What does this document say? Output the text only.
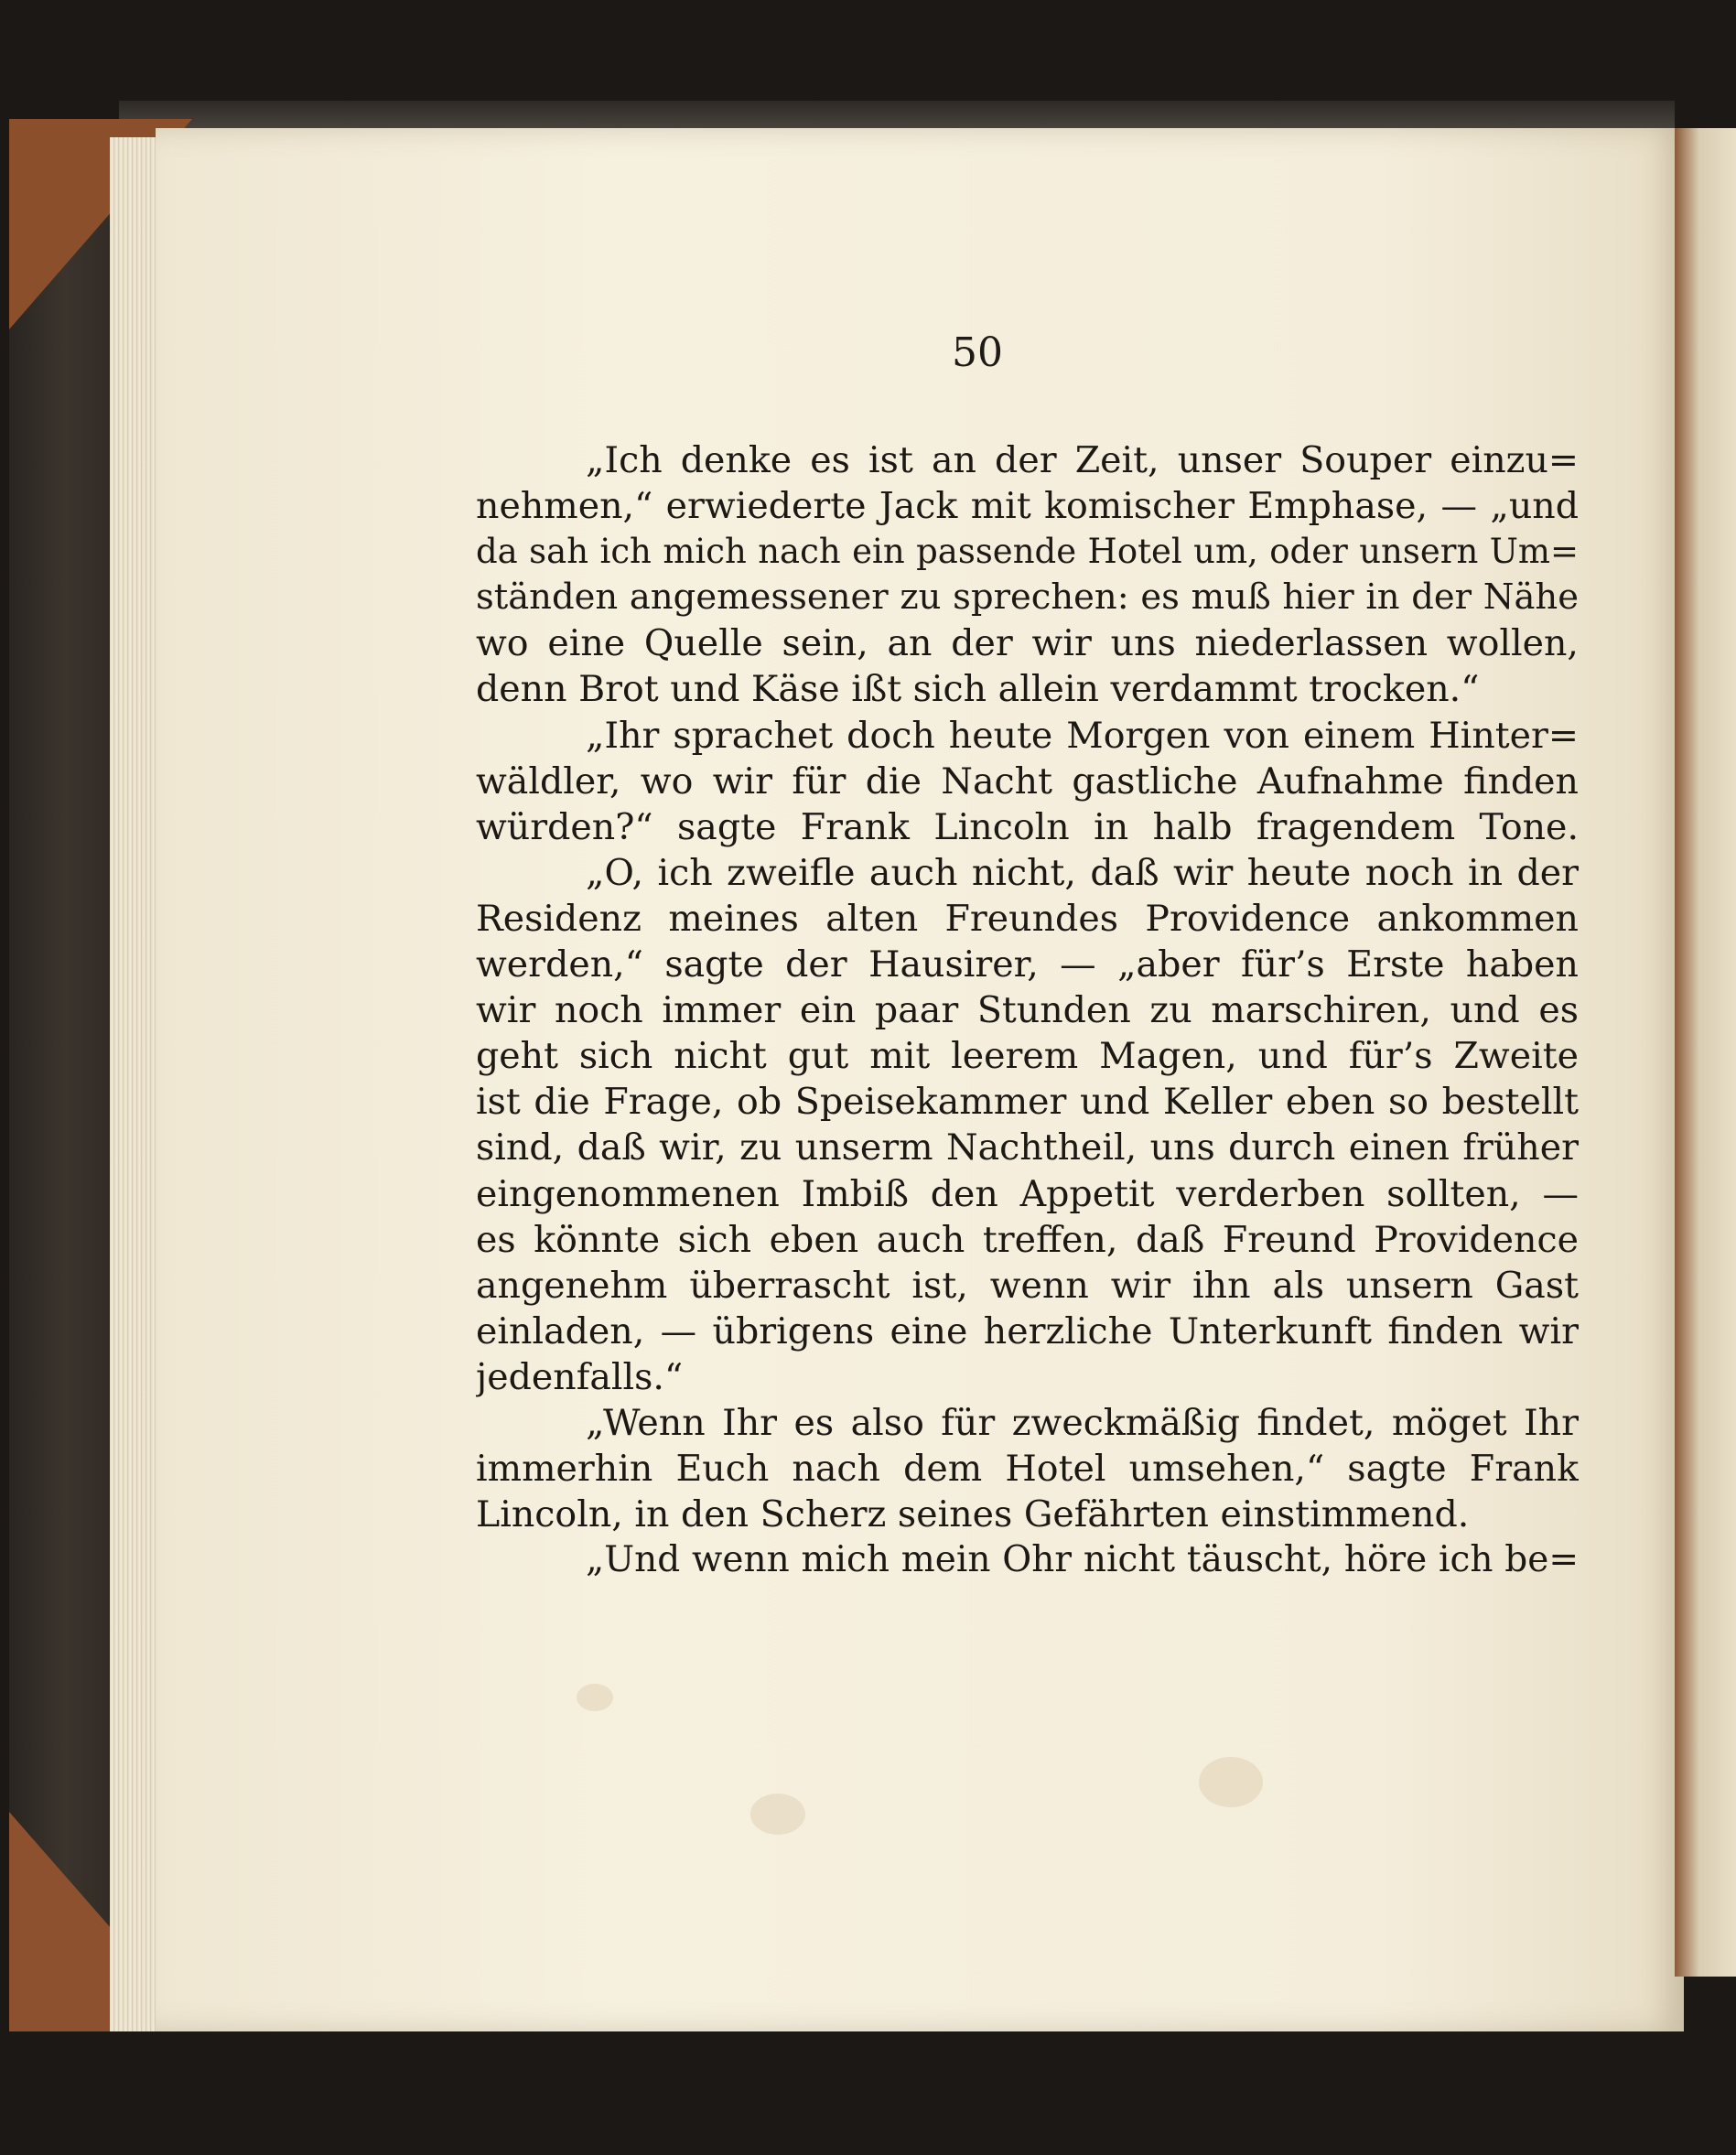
50

„Ich denke es ist an der Zeit, unser Souper einzu=
nehmen,“ erwiederte Jack mit komischer Emphase, — „und
da sah ich mich nach ein passende Hotel um, oder unsern Um=
ständen angemessener zu sprechen: es muß hier in der Nähe
wo eine Quelle sein, an der wir uns niederlassen wollen,
denn Brot und Käse ißt sich allein verdammt trocken.“
„Ihr sprachet doch heute Morgen von einem Hinter=
wäldler, wo wir für die Nacht gastliche Aufnahme finden
würden?“ sagte Frank Lincoln in halb fragendem Tone.
„O, ich zweifle auch nicht, daß wir heute noch in der
Residenz meines alten Freundes Providence ankommen
werden,“ sagte der Hausirer, — „aber für’s Erste haben
wir noch immer ein paar Stunden zu marschiren, und es
geht sich nicht gut mit leerem Magen, und für’s Zweite
ist die Frage, ob Speisekammer und Keller eben so bestellt
sind, daß wir, zu unserm Nachtheil, uns durch einen früher
eingenommenen Imbiß den Appetit verderben sollten, —
es könnte sich eben auch treffen, daß Freund Providence
angenehm überrascht ist, wenn wir ihn als unsern Gast
einladen, — übrigens eine herzliche Unterkunft finden wir
jedenfalls.“
„Wenn Ihr es also für zweckmäßig findet, möget Ihr
immerhin Euch nach dem Hotel umsehen,“ sagte Frank
Lincoln, in den Scherz seines Gefährten einstimmend.
„Und wenn mich mein Ohr nicht täuscht, höre ich be=
